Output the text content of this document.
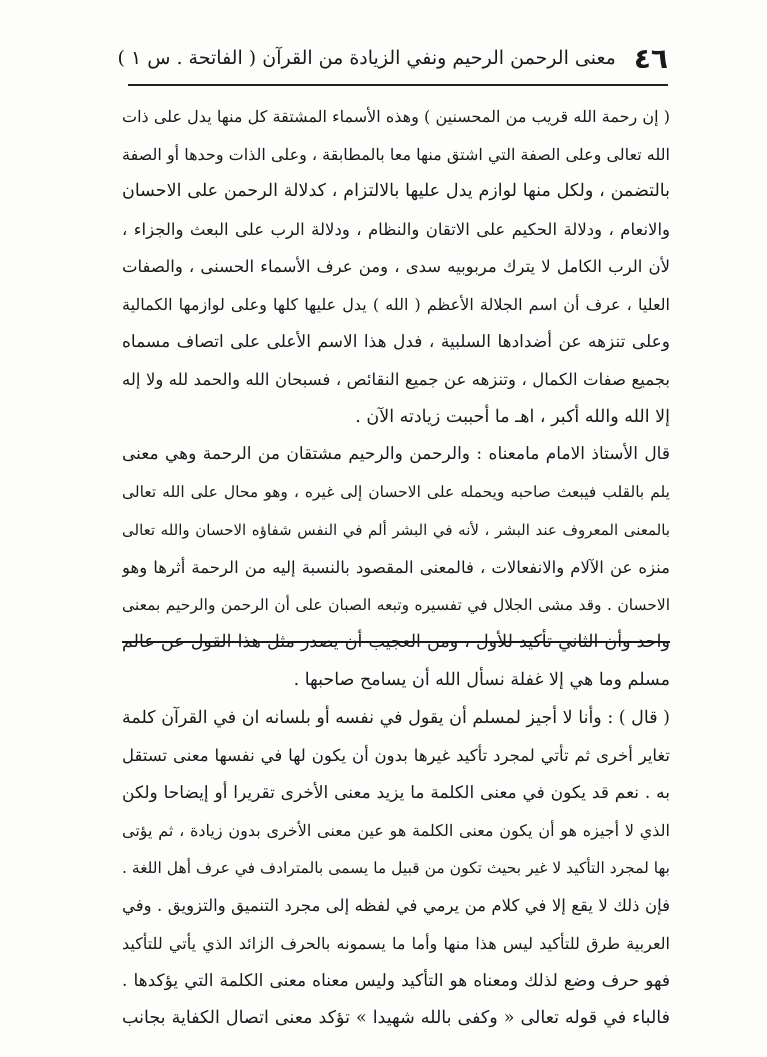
٤٦
معنى الرحمن الرحيم ونفي الزيادة من القرآن ( الفاتحة . س ١ )
( إن رحمة الله قريب من المحسنين ) وهذه الأسماء المشتقة كل منها يدل على ذات
الله تعالى وعلى الصفة التي اشتق منها معا بالمطابقة ، وعلى الذات وحدها أو الصفة
بالتضمن ، ولكل منها لوازم يدل عليها بالالتزام ، كدلالة الرحمن على الاحسان
والانعام ، ودلالة الحكيم على الاتقان والنظام ، ودلالة الرب على البعث والجزاء ،
لأن الرب الكامل لا يترك مربوبيه سدى ، ومن عرف الأسماء الحسنى ، والصفات
العليا ، عرف أن اسم الجلالة الأعظم ( الله ) يدل عليها كلها وعلى لوازمها الكمالية
وعلى تنزهه عن أضدادها السلبية ، فدل هذا الاسم الأعلى على اتصاف مسماه
بجميع صفات الكمال ، وتنزهه عن جميع النقائص ، فسبحان الله والحمد لله ولا إله
إلا الله والله أكبر ، اهـ ما أحببت زيادته الآن .
قال الأستاذ الامام مامعناه : والرحمن والرحيم مشتقان من الرحمة وهي معنى
يلم بالقلب فيبعث صاحبه ويحمله على الاحسان إلى غيره ، وهو محال على الله تعالى
بالمعنى المعروف عند البشر ، لأنه في البشر ألم في النفس شفاؤه الاحسان والله تعالى
منزه عن الآلام والانفعالات ، فالمعنى المقصود بالنسبة إليه من الرحمة أثرها وهو
الاحسان . وقد مشى الجلال في تفسيره وتبعه الصبان على أن الرحمن والرحيم بمعنى
واحد وأن الثاني تأكيد للأول ، ومن العجيب أن يصدر مثل هذا القول عن عالم
مسلم وما هي إلا غفلة نسأل الله أن يسامح صاحبها .
( قال ) : وأنا لا أجيز لمسلم أن يقول في نفسه أو بلسانه ان في القرآن كلمة
تغاير أخرى ثم تأتي لمجرد تأكيد غيرها بدون أن يكون لها في نفسها معنى تستقل
به . نعم قد يكون في معنى الكلمة ما يزيد معنى الأخرى تقريرا أو إيضاحا ولكن
الذي لا أجيزه هو أن يكون معنى الكلمة هو عين معنى الأخرى بدون زيادة ، ثم يؤتى
بها لمجرد التأكيد لا غير بحيث تكون من قبيل ما يسمى بالمترادف في عرف أهل اللغة .
فإن ذلك لا يقع إلا في كلام من يرمي في لفظه إلى مجرد التنميق والتزويق . وفي
العربية طرق للتأكيد ليس هذا منها وأما ما يسمونه بالحرف الزائد الذي يأتي للتأكيد
فهو حرف وضع لذلك ومعناه هو التأكيد وليس معناه معنى الكلمة التي يؤكدها .
فالباء في قوله تعالى « وكفى بالله شهيدا » تؤكد معنى اتصال الكفاية بجانب
